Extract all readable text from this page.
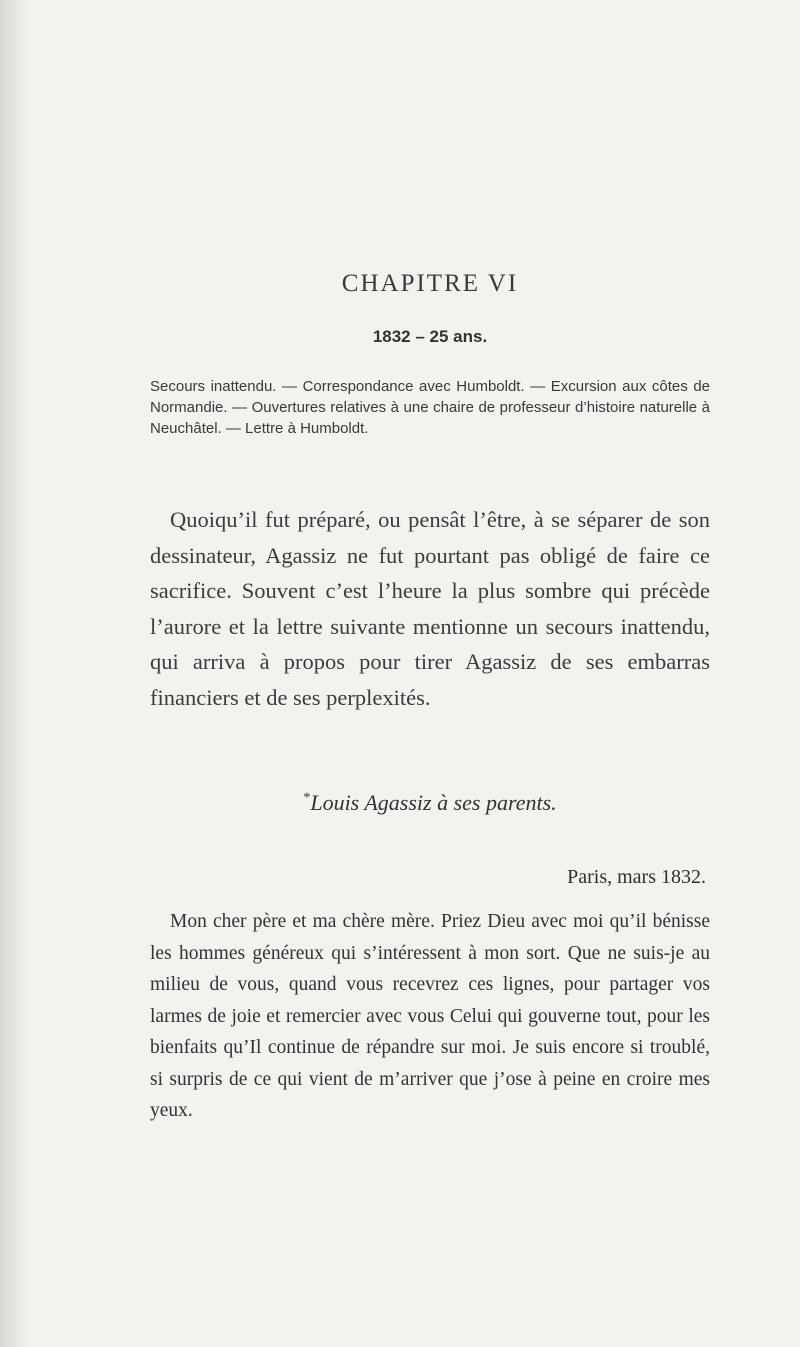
CHAPITRE VI
1832 – 25 ans.

Secours inattendu. — Correspondance avec Humboldt. — Excursion aux côtes de Normandie. — Ouvertures relatives à une chaire de professeur d’histoire naturelle à Neuchâtel. — Lettre à Humboldt.

Quoiqu’il fut préparé, ou pensât l’être, à se séparer de son dessinateur, Agassiz ne fut pourtant pas obligé de faire ce sacrifice. Souvent c’est l’heure la plus sombre qui précède l’aurore et la lettre suivante mentionne un secours inattendu, qui arriva à propos pour tirer Agassiz de ses embarras financiers et de ses perplexités.

*Louis Agassiz à ses parents.
Paris, mars 1832.

Mon cher père et ma chère mère. Priez Dieu avec moi qu’il bénisse les hommes généreux qui s’intéressent à mon sort. Que ne suis-je au milieu de vous, quand vous recevrez ces lignes, pour partager vos larmes de joie et remercier avec vous Celui qui gouverne tout, pour les bienfaits qu’Il continue de répandre sur moi. Je suis encore si troublé, si surpris de ce qui vient de m’arriver que j’ose à peine en croire mes yeux.
